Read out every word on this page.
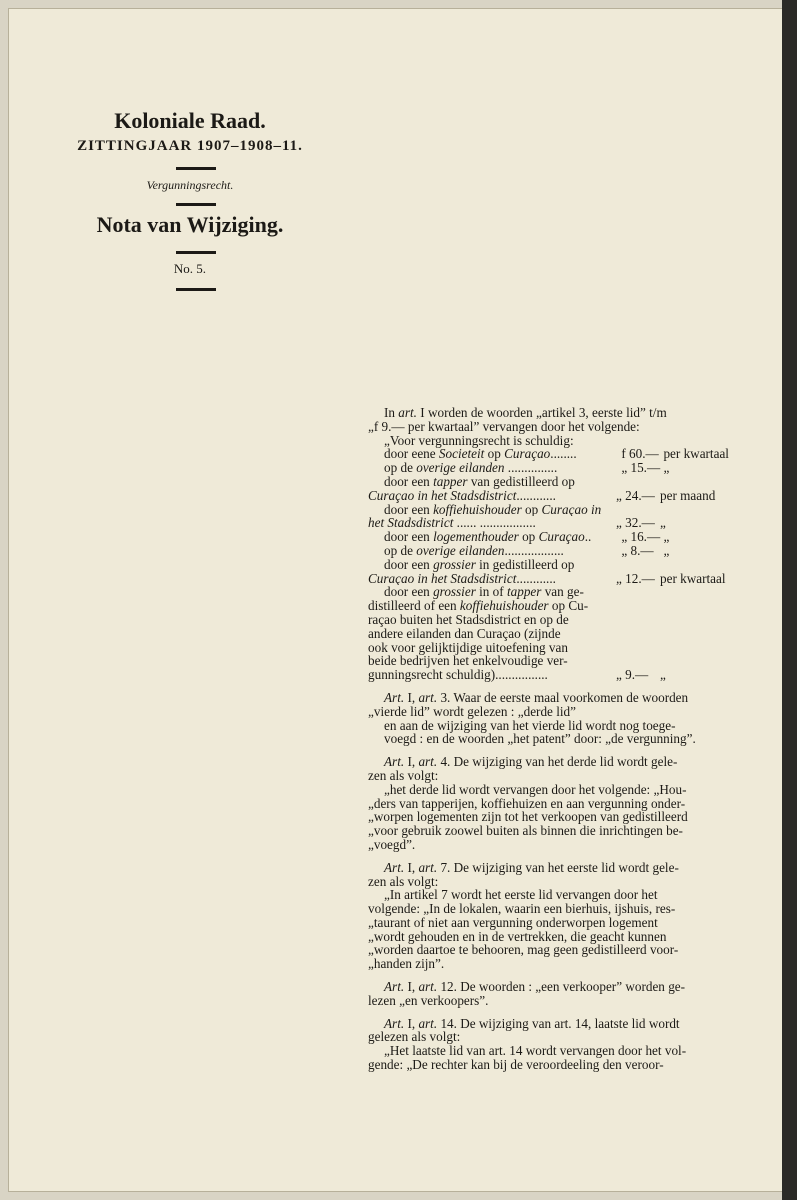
Koloniale Raad.
ZITTINGJAAR 1907–1908–11.
Vergunningsrecht.
Nota van Wijziging.
No. 5.

In art. I worden de woorden „artikel 3, eerste lid” t/m

„f 9.— per kwartaal” vervangen door het volgende:

„Voor vergunningsrecht is schuldig:

door eene Societeit op Curaçao........	f 60.— per kwartaal
op de overige eilanden ...............	„ 15.— „
door een tapper van gedistilleerd op
Curaçao in het Stadsdistrict............	„ 24.— per maand
door een koffiehuishouder op Curaçao in
het Stadsdistrict ...... .................	„ 32.— „
door een logementhouder op Curaçao..	„ 16.— „
op de overige eilanden..................	„ 8.— „
door een grossier in gedistilleerd op
Curaçao in het Stadsdistrict............	„ 12.— per kwartaal

door een grossier in of tapper van ge-

distilleerd of een koffiehuishouder op Cu-

raçao buiten het Stadsdistrict en op de

andere eilanden dan Curaçao (zijnde

ook voor gelijktijdige uitoefening van

beide bedrijven het enkelvoudige ver-

gunningsrecht schuldig)................	„ 9.— „

Art. I, art. 3. Waar de eerste maal voorkomen de woorden

„vierde lid” wordt gelezen : „derde lid”

en aan de wijziging van het vierde lid wordt nog toege-

voegd : en de woorden „het patent” door: „de vergunning”.

Art. I, art. 4. De wijziging van het derde lid wordt gele-

zen als volgt:

„het derde lid wordt vervangen door het volgende: „Hou-

„ders van tapperijen, koffiehuizen en aan vergunning onder-

„worpen logementen zijn tot het verkoopen van gedistilleerd

„voor gebruik zoowel buiten als binnen die inrichtingen be-

„voegd”.

Art. I, art. 7. De wijziging van het eerste lid wordt gele-

zen als volgt:

„In artikel 7 wordt het eerste lid vervangen door het

volgende: „In de lokalen, waarin een bierhuis, ijshuis, res-

„taurant of niet aan vergunning onderworpen logement

„wordt gehouden en in de vertrekken, die geacht kunnen

„worden daartoe te behooren, mag geen gedistilleerd voor-

„handen zijn”.

Art. I, art. 12. De woorden : „een verkooper” worden ge-

lezen „en verkoopers”.

Art. I, art. 14. De wijziging van art. 14, laatste lid wordt

gelezen als volgt:

„Het laatste lid van art. 14 wordt vervangen door het vol-

gende: „De rechter kan bij de veroordeeling den veroor-
